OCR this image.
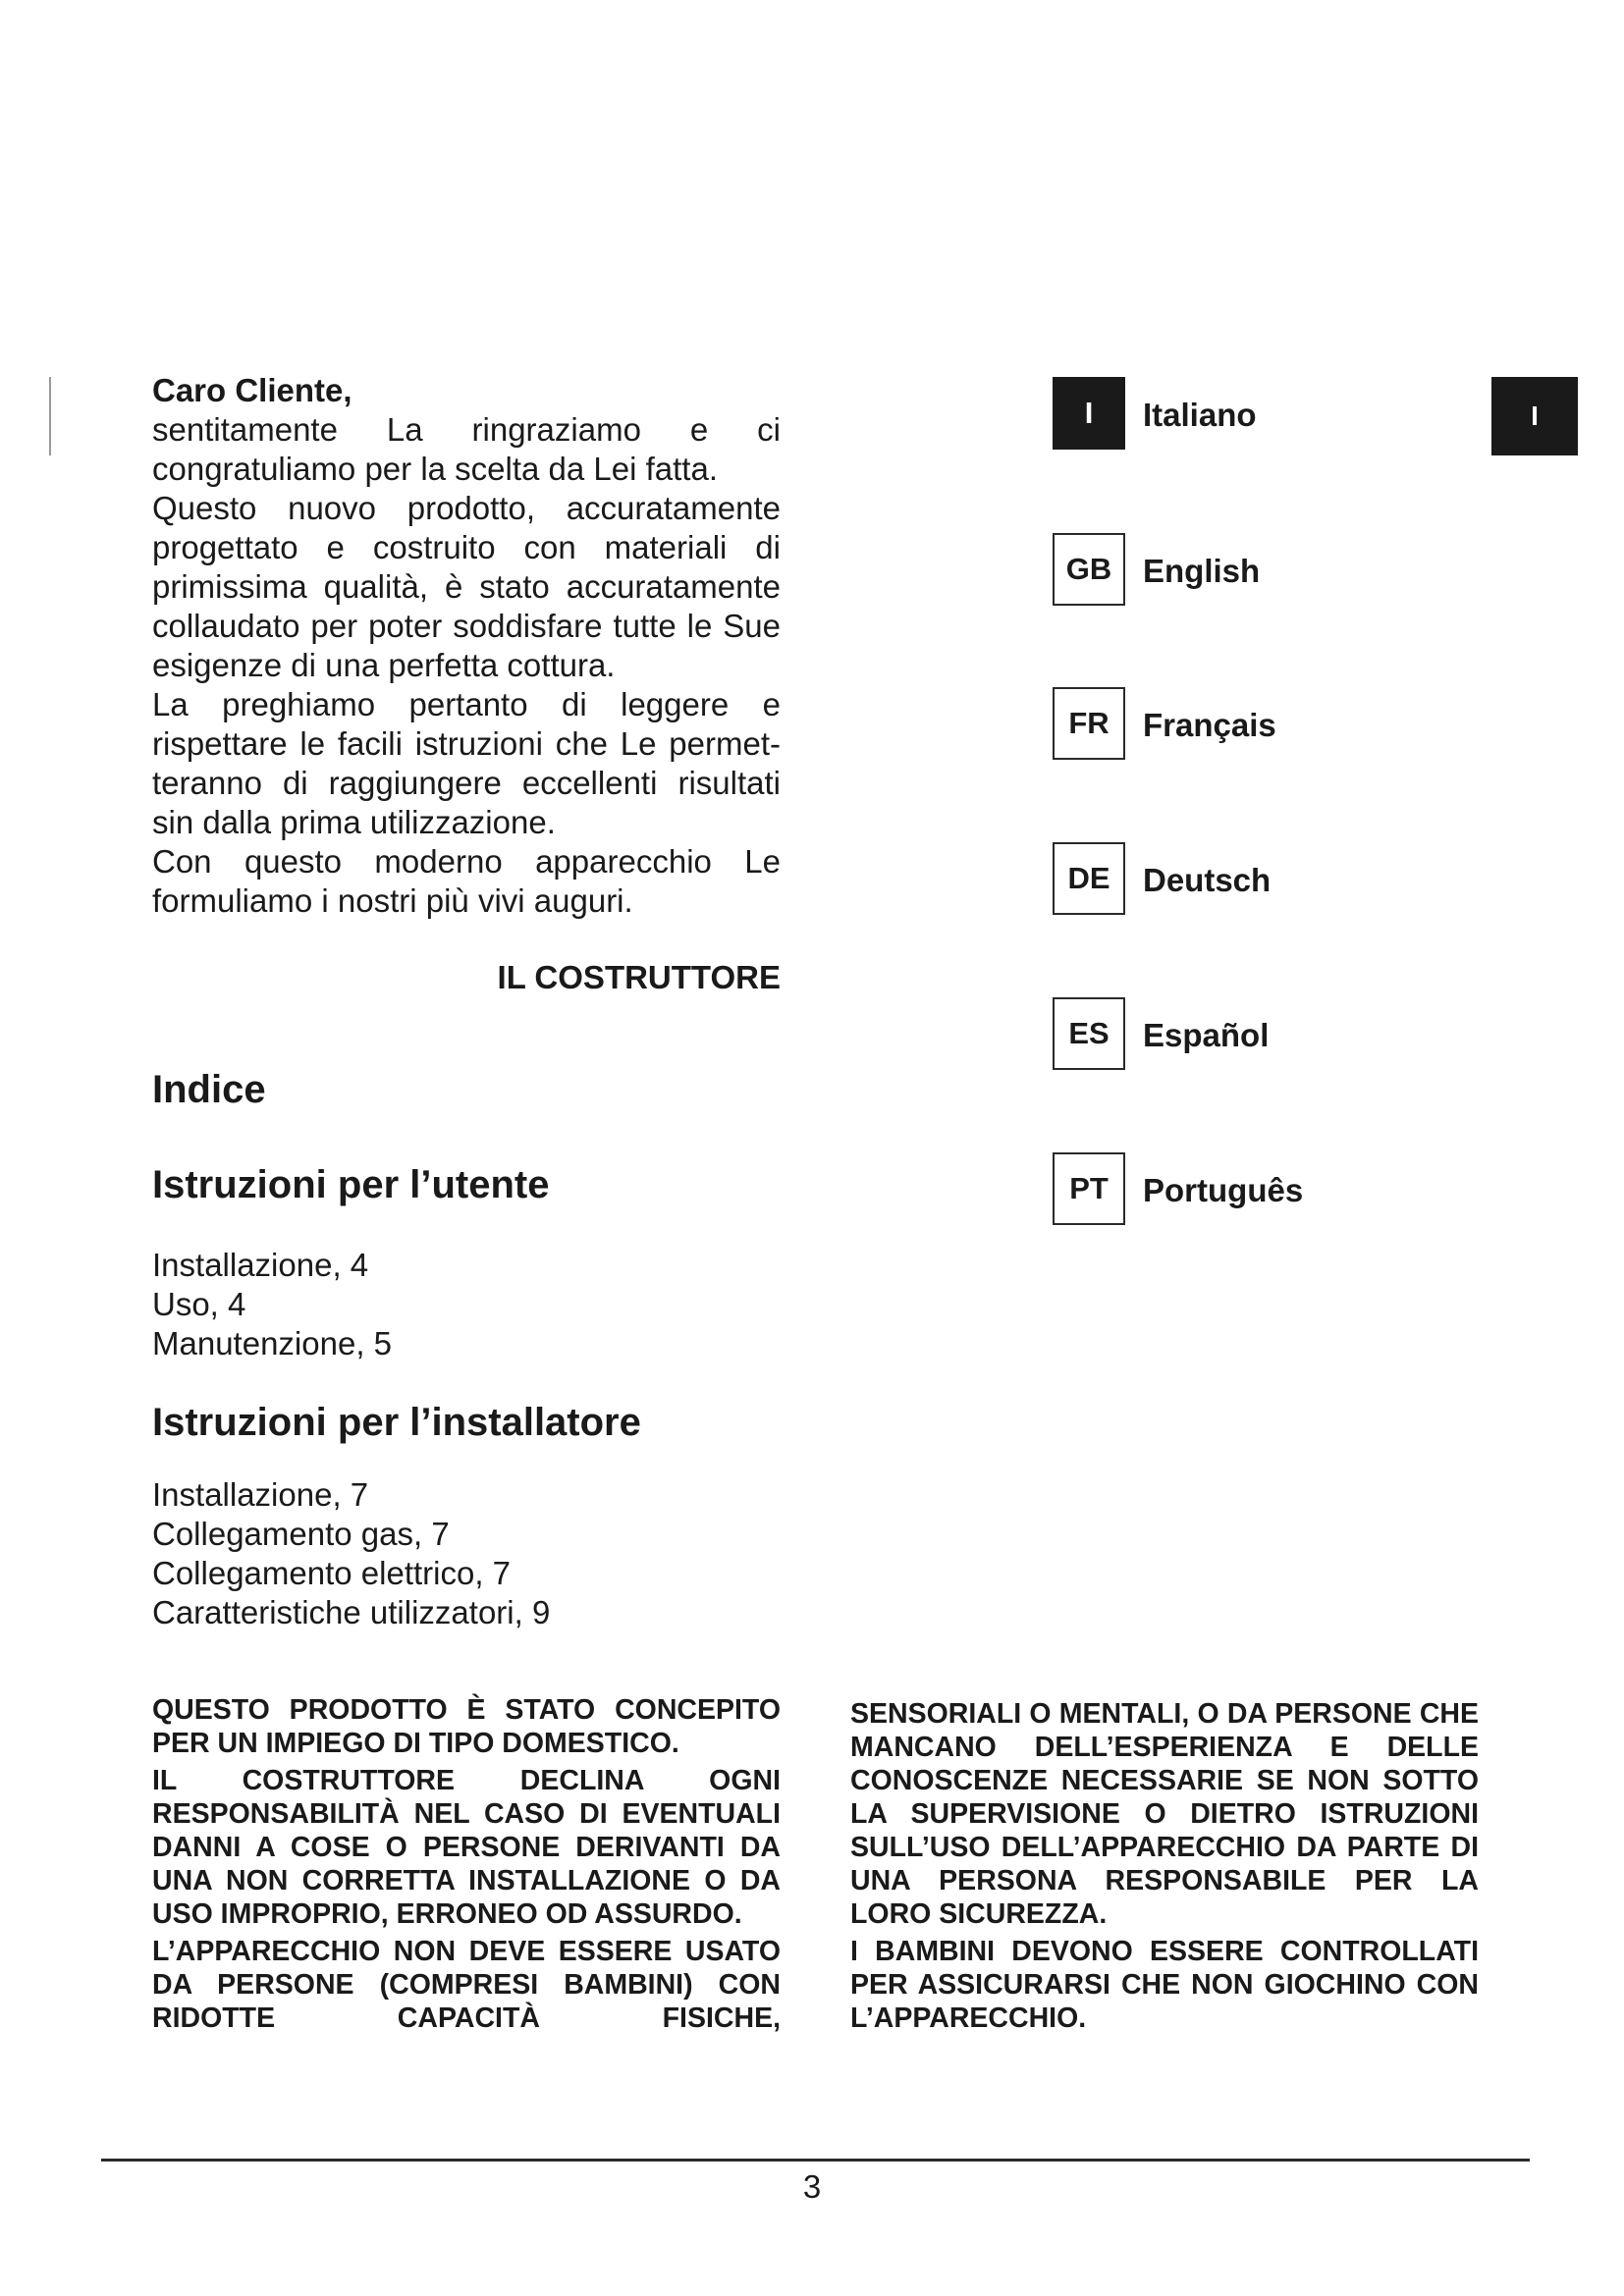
Caro Cliente,

sentitamente La ringraziamo e ci congratuliamo per la scelta da Lei fatta.

Questo nuovo prodotto, accuratamente progettato e costruito con materiali di primissima qualità, è stato accuratamente collaudato per poter soddisfare tutte le Sue esigenze di una perfetta cottura.

La preghiamo pertanto di leggere e rispettare le facili istruzioni che Le permet-teranno di raggiungere eccellenti risultati sin dalla prima utilizzazione.

Con questo moderno apparecchio Le formuliamo i nostri più vivi auguri.

IL COSTRUTTORE

Indice
Istruzioni per l’utente
Installazione, 4
Uso, 4
Manutenzione, 5
Istruzioni per l’installatore
Installazione, 7
Collegamento gas, 7
Collegamento elettrico, 7
Caratteristiche utilizzatori, 9
I	Italiano
GB English
FR	Français
DE	Deutsch
ES	Español
PT	Português
I

QUESTO PRODOTTO È STATO CONCEPITO PER UN IMPIEGO DI TIPO DOMESTICO.

IL COSTRUTTORE DECLINA OGNI RESPONSABILITÀ NEL CASO DI EVENTUALI DANNI A COSE O PERSONE DERIVANTI DA UNA NON CORRETTA INSTALLAZIONE O DA USO IMPROPRIO, ERRONEO OD ASSURDO.

L’APPARECCHIO NON DEVE ESSERE USATO DA PERSONE (COMPRESI BAMBINI) CON RIDOTTE CAPACITÀ FISICHE,

SENSORIALI O MENTALI, O DA PERSONE CHE MANCANO DELL’ESPERIENZA E DELLE CONOSCENZE NECESSARIE SE NON SOTTO LA SUPERVISIONE O DIETRO ISTRUZIONI SULL’USO DELL’APPARECCHIO DA PARTE DI UNA PERSONA RESPONSABILE PER LA LORO SICUREZZA.

I BAMBINI DEVONO ESSERE CONTROLLATI PER ASSICURARSI CHE NON GIOCHINO CON L’APPARECCHIO.

3
